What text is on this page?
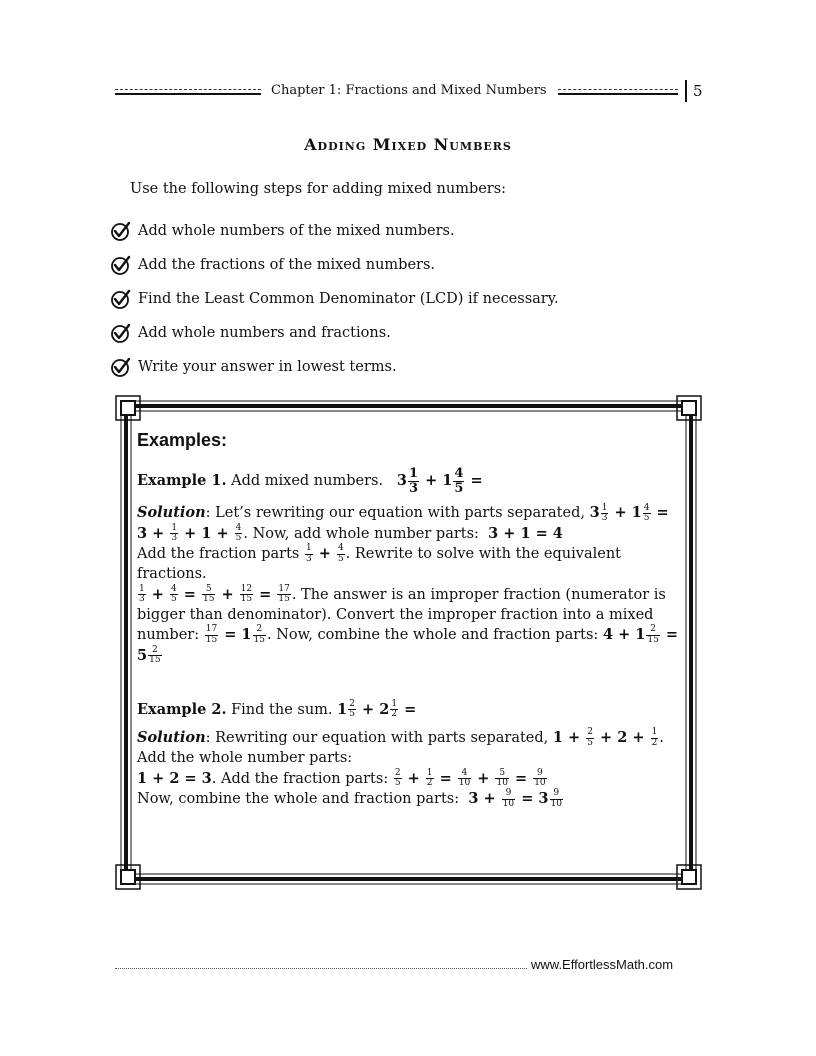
Chapter 1: Fractions and Mixed Numbers	5
Adding Mixed Numbers
Use the following steps for adding mixed numbers:
Add whole numbers of the mixed numbers.
Add the fractions of the mixed numbers.
Find the Least Common Denominator (LCD) if necessary.
Add whole numbers and fractions.
Write your answer in lowest terms.
Examples:

Example 1. Add mixed numbers. $3 \frac{1}{3} + 1 \frac{4}{5}$ =

Solution: Let’s rewriting our equation with parts separated, $3 \frac{1}{3} + 1 \frac{4}{5} = 3 + \frac{1}{3} + 1 + \frac{4}{5}$ . Now, add whole number parts: 3 + 1 = 4
Add the fraction parts $\frac{1}{3} + \frac{4}{5}$ . Rewrite to solve with the equivalent fractions.

$\frac{1}{3} + \frac{4}{5} = \frac{5}{15} + \frac{12}{15} = \frac{17}{15}$ . The answer is an improper fraction (numerator is bigger than denominator). Convert the improper fraction into a mixed number: $\frac{17}{15} = 1 \frac{2}{15}$ . Now, combine the whole and fraction parts: $4 + 1 \frac{2}{15} = 5 \frac{2}{15}$

Example 2. Find the sum. $1 \frac{2}{5} + 2 \frac{1}{2}$ =

Solution: Rewriting our equation with parts separated, $1 + \frac{2}{5} + 2 + \frac{1}{2}$ . Add the whole number parts:
1 + 2 = 3. Add the fraction parts: $\frac{2}{5} + \frac{1}{2} = \frac{4}{10} + \frac{5}{10} = \frac{9}{10}$

Now, combine the whole and fraction parts: $3 + \frac{9}{10} = 3 \frac{9}{10}$

www.EffortlessMath.com
